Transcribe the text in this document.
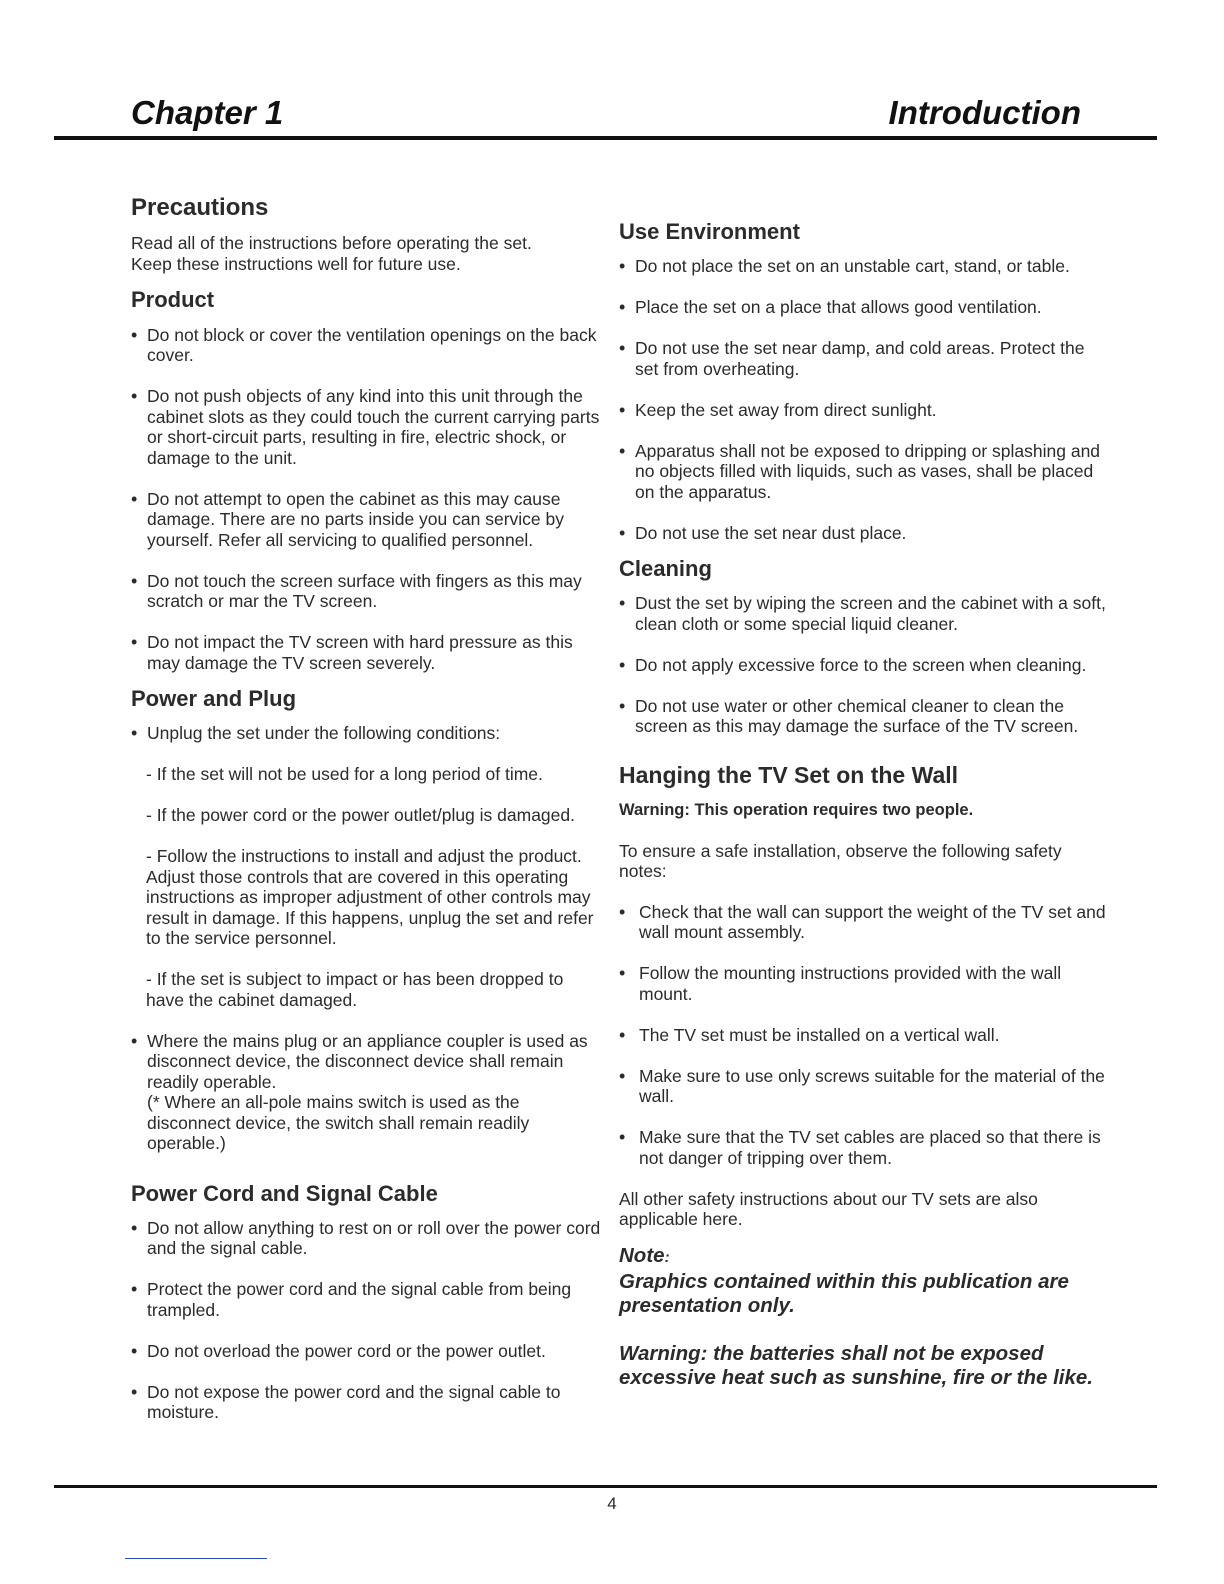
Chapter 1	Introduction
Precautions

Read all of the instructions before operating the set.

Keep these instructions well for future use.

Product
• Do not block or cover the ventilation openings on the back cover.
• Do not push objects of any kind into this unit through the cabinet slots as they could touch the current carrying parts or short-circuit parts, resulting in fire, electric shock, or damage to the unit.
• Do not attempt to open the cabinet as this may cause damage. There are no parts inside you can service by yourself. Refer all servicing to qualified personnel.
• Do not touch the screen surface with fingers as this may scratch or mar the TV screen.
• Do not impact the TV screen with hard pressure as this may damage the TV screen severely.
Power and Plug
• Unplug the set under the following conditions:
- If the set will not be used for a long period of time.
- If the power cord or the power outlet/plug is damaged.
- Follow the instructions to install and adjust the product. Adjust those controls that are covered in this operating instructions as improper adjustment of other controls may result in damage. If this happens, unplug the set and refer to the service personnel.
- If the set is subject to impact or has been dropped to have the cabinet damaged.
• Where the mains plug or an appliance coupler is used as disconnect device, the disconnect device shall remain readily operable.
(* Where an all-pole mains switch is used as the disconnect device, the switch shall remain readily operable.)
Power Cord and Signal Cable
• Do not allow anything to rest on or roll over the power cord and the signal cable.
• Protect the power cord and the signal cable from being trampled.
• Do not overload the power cord or the power outlet.
• Do not expose the power cord and the signal cable to moisture.
Use Environment
• Do not place the set on an unstable cart, stand, or table.
• Place the set on a place that allows good ventilation.
• Do not use the set near damp, and cold areas. Protect the set from overheating.
• Keep the set away from direct sunlight.
• Apparatus shall not be exposed to dripping or splashing and no objects filled with liquids, such as vases, shall be placed on the apparatus.
• Do not use the set near dust place.
Cleaning
• Dust the set by wiping the screen and the cabinet with a soft, clean cloth or some special liquid cleaner.
• Do not apply excessive force to the screen when cleaning.
• Do not use water or other chemical cleaner to clean the screen as this may damage the surface of the TV screen.
Hanging the TV Set on the Wall

Warning: This operation requires two people.

To ensure a safe installation, observe the following safety notes:

• Check that the wall can support the weight of the TV set and wall mount assembly.
• Follow the mounting instructions provided with the wall mount.
• The TV set must be installed on a vertical wall.
• Make sure to use only screws suitable for the material of the wall.
• Make sure that the TV set cables are placed so that there is not danger of tripping over them.

All other safety instructions about our TV sets are also applicable here.

Note:

Graphics contained within this publication are presentation only.

Warning: the batteries shall not be exposed excessive heat such as sunshine, fire or the like.

4
